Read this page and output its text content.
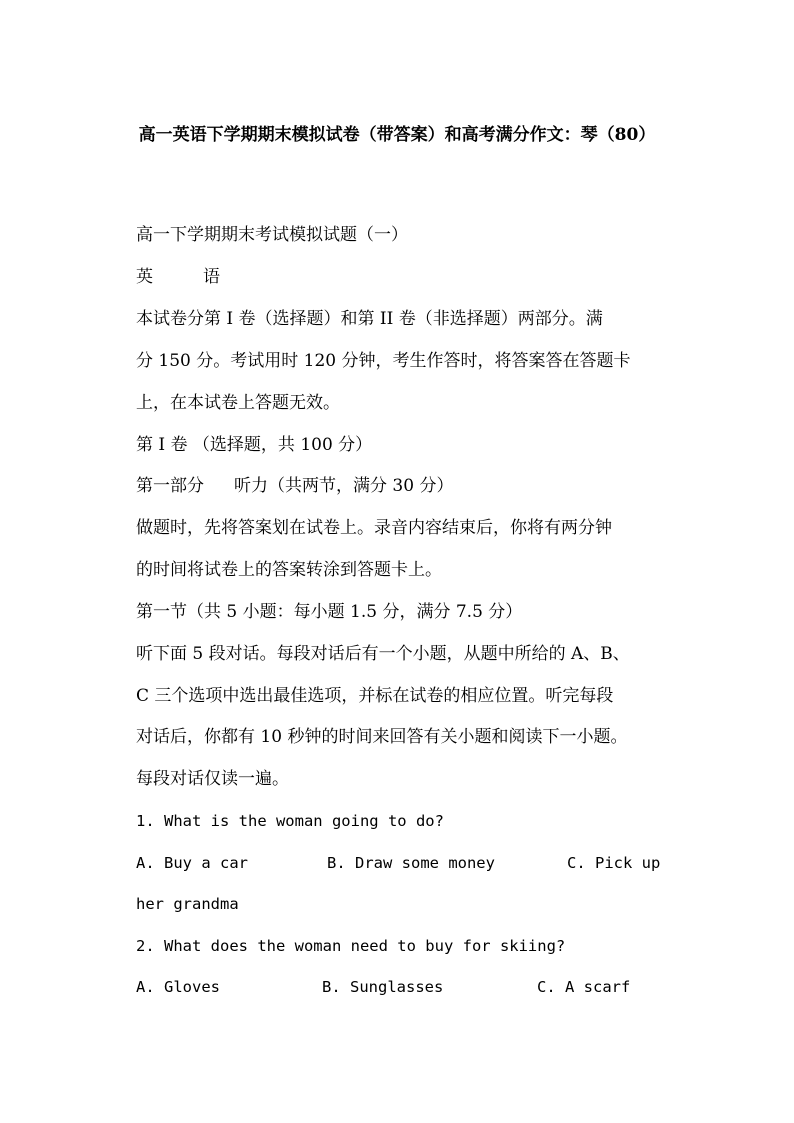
高一英语下学期期末模拟试卷（带答案）和高考满分作文：琴（80）
高一下学期期末考试模拟试题（一）
英	语
本试卷分第 I 卷（选择题）和第 II 卷（非选择题）两部分。满
分 150 分。考试用时 120 分钟，考生作答时，将答案答在答题卡
上，在本试卷上答题无效。
第 I 卷 （选择题，共 100 分）
第一部分 听力（共两节，满分 30 分）
做题时，先将答案划在试卷上。录音内容结束后，你将有两分钟
的时间将试卷上的答案转涂到答题卡上。
第一节（共 5 小题：每小题 1.5 分，满分 7.5 分）
听下面 5 段对话。每段对话后有一个小题，从题中所给的 A、B、
C 三个选项中选出最佳选项，并标在试卷的相应位置。听完每段
对话后，你都有 10 秒钟的时间来回答有关小题和阅读下一小题。
每段对话仅读一遍。
1. What is the woman going to do?
A. Buy a car	B. Draw some money	C. Pick up
her grandma
2. What does the woman need to buy for skiing?
A. Gloves	B. Sunglasses	C. A scarf
